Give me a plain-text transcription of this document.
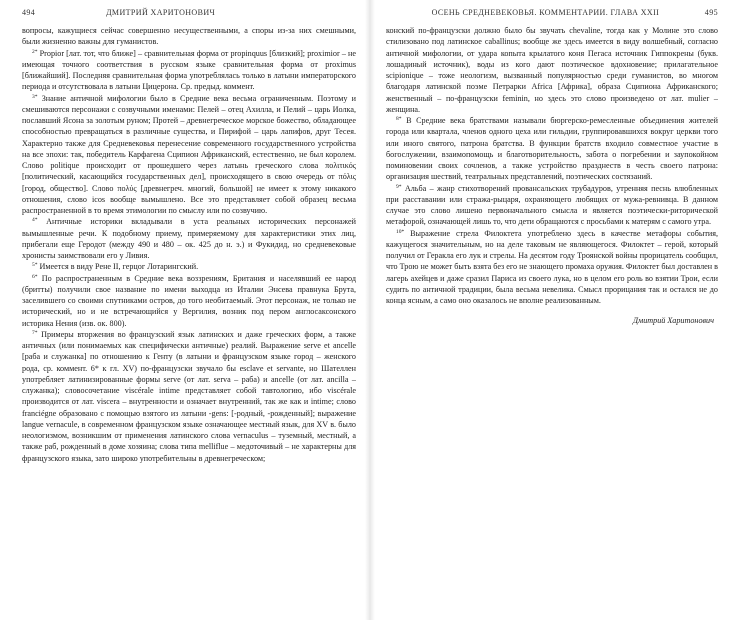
494	ДМИТРИЙ ХАРИТОНОВИЧ

вопросы, кажущиеся сейчас совершенно несущественными, а споры из-за них смешными, были жизненно важны для гуманистов.

$^{2*}$ Propior [лат. тот, что ближе] – сравнительная форма от propinquus [близкий]; proximior – не имеющая точного соответствия в русском языке сравнительная форма от proximus [ближайший]. Последняя сравнительная форма употреблялась только в латыни императорского периода и отсутствовала в латыни Цицерона. Ср. предыд. коммент.

$^{3*}$ Знание античной мифологии было в Средние века весьма ограниченным. Поэтому и смешиваются персонажи с созвучными именами: Пелей – отец Ахилла, и Пелий – царь Иолка, пославший Ясона за золотым руном; Протей – древнегреческое морское божество, обладающее способностью превращаться в различные существа, и Пирифой – царь лапифов, друг Тесея. Характерно также для Средневековья перенесение современного государственного устройства на все эпохи: так, победитель Карфагена Сципион Африканский, естественно, не был королем. Слово politique происходит от прошедшего через латынь греческого слова πολιτικός [политический, касающийся государственных дел], происходящего в свою очередь от πόλις [город, общество]. Слово πολύς [древнегреч. многий, большой] не имеет к этому никакого отношения, слово icos вообще вымышлено. Все это представляет собой образец весьма распространенной в то время этимологии по смыслу или по созвучию.

$^{4*}$ Античные историки вкладывали в уста реальных исторических персонажей вымышленные речи. К подобному приему, примеряемому для характеристики этих лиц, прибегали еще Геродот (между 490 и 480 – ок. 425 до н. э.) и Фукидид, но средневековые хронисты заимствовали его у Ливия.

$^{5*}$ Имеется в виду Рене II, герцог Лотарингский.

$^{6*}$ По распространенным в Средние века воззрениям, Британия и населявший ее народ (бритты) получили свое название по имени выходца из Италии Энсева правнука Брута, заселившего со своими спутниками остров, до того необитаемый. Этот персонаж, не только не исторический, но и не встречающийся у Вергилия, возник под пером англосаксонского историка Нения (изв. ок. 800).

$^{7*}$ Примеры вторжения во французский язык латинских и даже греческих форм, а также античных (или понимаемых как специфически античные) реалий. Выражение serve et ancelle [раба и служанка] по отношению к Генту (в латыни и французском языке город – женского рода, ср. коммент. 6* к гл. XV) по-французски звучало бы esclave et servante, но Шателлен употребляет латинизированные формы serve (от лат. serva – раба) и ancelle (от лат. ancilla – служанка); словосочетание viscérale intime представляет собой тавтологию, ибо viscérale производится от лат. viscera – внутренности и означает внутренний, так же как и intime; слово franciégne образовано с помощью взятого из латыни -gens: [-родный, -рожденный]; выражение langue vernacule, в современном французском языке означающее местный язык, для XV в. было неологизмом, возникшим от применения латинского слова vernaculus – туземный, местный, а также раб, рожденный в доме хозяина; слова типа mellifluе – медоточивый – не характерны для французского языка, зато широко употребительны в древнегреческом;

ОСЕНЬ СРЕДНЕВЕКОВЬЯ. КОММЕНТАРИИ. ГЛАВА XXII	495

конский по-французски должно было бы звучать chevaline, тогда как у Молине это слово стилизовано под латинское caballinus; вообще же здесь имеется в виду волшебный, согласно античной мифологии, от удара копыта крылатого коня Пегаса источник Гиппокрены (букв. лошадиный источник), воды из кого дают поэтическое вдохновение; прилагательное scipionique – тоже неологизм, вызванный популярностью среди гуманистов, во многом благодаря латинской поэме Петрарки Africa [Африка], образа Сципиона Африканского; женственный – по-французски feminin, но здесь это слово произведено от лат. mulier – женщина.

$^{8*}$ В Средние века братствами называли бюргерско-ремесленные объединения жителей города или квартала, членов одного цеха или гильдии, группировавшихся вокруг церкви того или иного святого, патрона братства. В функции братств входило совместное участие в богослужении, взаимопомощь и благотворительность, забота о погребении и заупокойном поминовении своих сочленов, а также устройство празднеств в честь своего патрона: организация шествий, театральных представлений, поэтических состязаний.

$^{9*}$ Альба – жанр стихотворений провансальских трубадуров, утренняя песнь влюбленных при расставании или стража-рыцаря, охраняющего любящих от мужа-ревнивца. В данном случае это слово лишено первоначального смысла и является поэтически-риторической метафорой, означающей лишь то, что дети обращаются с просьбами к матерям с самого утра.

$^{10*}$ Выражение стрела Филоктета употреблено здесь в качестве метафоры события, кажущегося значительным, но на деле таковым не являющегося. Филоктет – герой, который получил от Геракла его лук и стрелы. На десятом году Троянской войны прорицатель сообщил, что Трою не может быть взята без его не знающего промаха оружия. Филоктет был доставлен в лагерь ахейцев и даже сразил Париса из своего лука, но в целом его роль во взятии Трои, если судить по античной традиции, была весьма невелика. Смысл прорицания так и остался не до конца ясным, а само оно оказалось не вполне реализованным.

Дмитрий Харитонович
